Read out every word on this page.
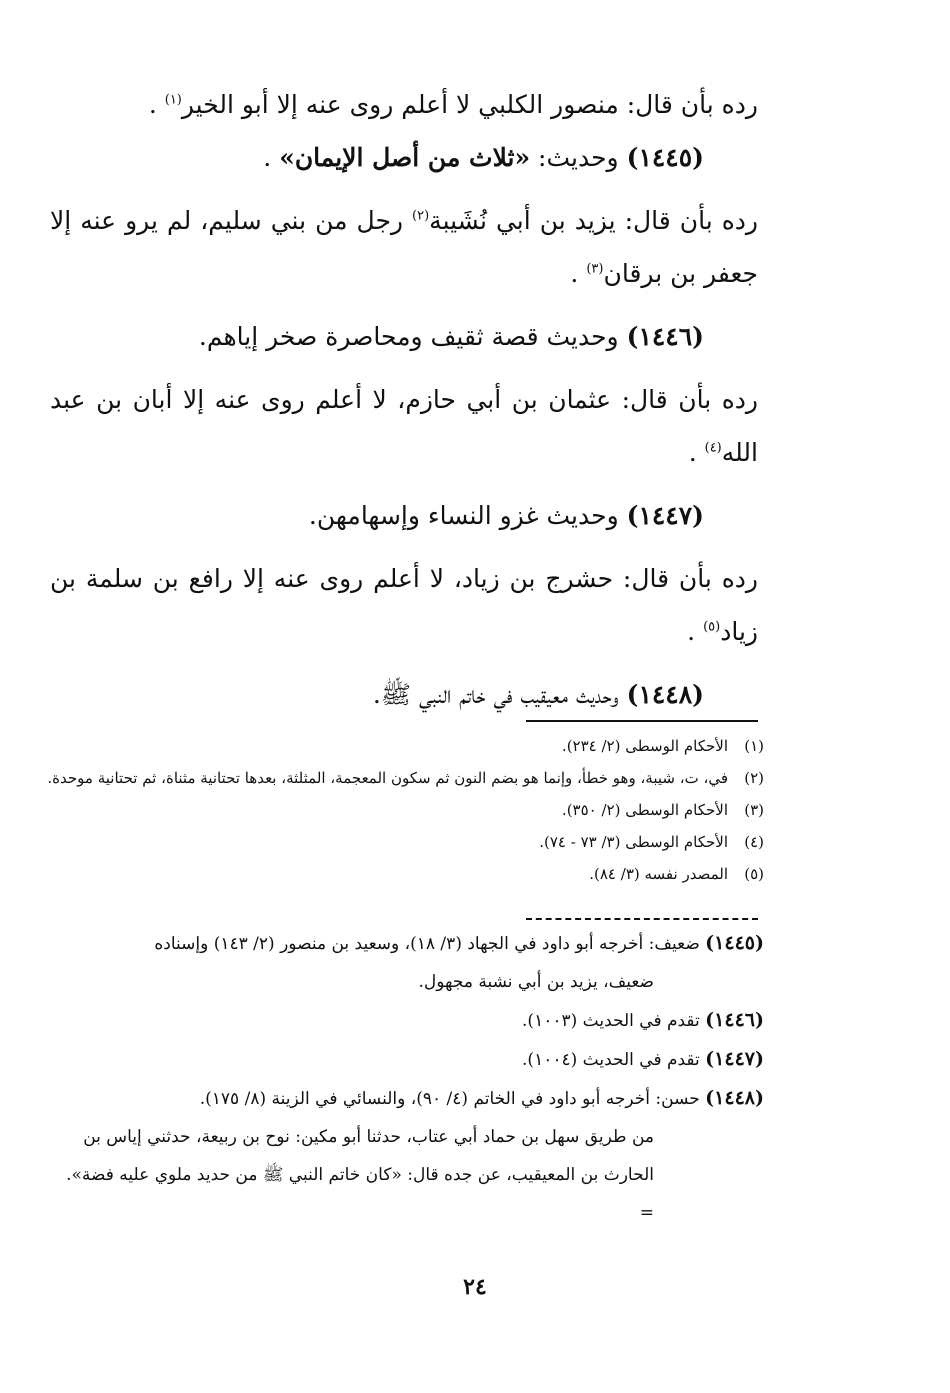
رده بأن قال: منصور الكلبي لا أعلم روى عنه إلا أبو الخير$^{(١)}$ .

(١٤٤٥) وحديث: «ثلاث من أصل الإيمان» .

رده بأن قال: يزيد بن أبي نُشَيبة$^{(٢)}$ رجل من بني سليم، لم يرو عنه إلا جعفر بن برقان$^{(٣)}$ .

(١٤٤٦) وحديث قصة ثقيف ومحاصرة صخر إياهم.

رده بأن قال: عثمان بن أبي حازم، لا أعلم روى عنه إلا أبان بن عبد الله$^{(٤)}$ .

(١٤٤٧) وحديث غزو النساء وإسهامهن.

رده بأن قال: حشرج بن زياد، لا أعلم روى عنه إلا رافع بن سلمة بن زياد$^{(٥)}$ .

(١٤٤٨) وحديث معيقيب في خاتم النبي ﷺ.

(١)الأحكام الوسطى (٢/ ٢٣٤).
(٢)في، ت، شيبة، وهو خطأ، وإنما هو بضم النون ثم سكون المعجمة، المثلثة، بعدها تحتانية مثناة، ثم تحتانية موحدة.
(٣)الأحكام الوسطى (٢/ ٣٥٠).
(٤)الأحكام الوسطى (٣/ ٧٣ - ٧٤).
(٥)المصدر نفسه (٣/ ٨٤).
(١٤٤٥) ضعيف: أخرجه أبو داود في الجهاد (٣/ ١٨)، وسعيد بن منصور (٢/ ١٤٣) وإسناده
ضعيف، يزيد بن أبي نشبة مجهول.
(١٤٤٦) تقدم في الحديث (١٠٠٣).
(١٤٤٧) تقدم في الحديث (١٠٠٤).
(١٤٤٨) حسن: أخرجه أبو داود في الخاتم (٤/ ٩٠)، والنسائي في الزينة (٨/ ١٧٥).
من طريق سهل بن حماد أبي عتاب، حدثنا أبو مكين: نوح بن ربيعة، حدثني إياس بن
الحارث بن المعيقيب، عن جده قال: «كان خاتم النبي ﷺ من حديد ملوي عليه فضة». =
٢٤
